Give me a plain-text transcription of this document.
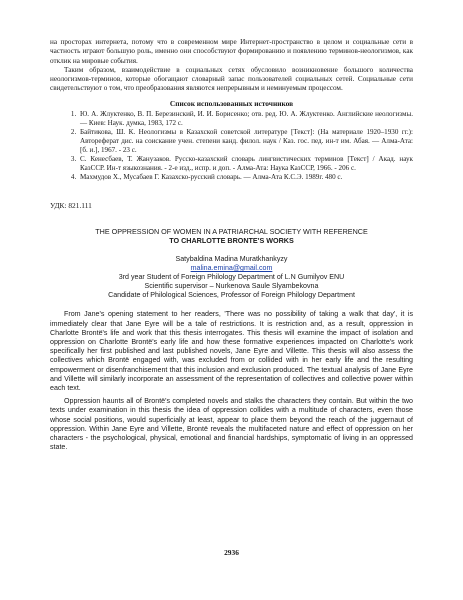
на просторах интернета, потому что в современном мире Интернет-пространство в целом и социальные сети в частность играют большую роль, именно они способствуют формированию и появлению терминов-неологизмов, как отклик на мировые события.

Таким образом, взаимодействие в социальных сетях обусловило возникновение большого количества неологизмов-терминов, которые обогащают словарный запас пользователей социальных сетей. Социальные сети свидетельствуют о том, что преобразования являются непрерывным и неминуемым процессом.

Список использованных источников

1. Ю. А. Жлуктенко, В. П. Березинский, И. И. Борисенко; отв. ред. Ю. А. Жлуктенко. Английские неологизмы. — Киев: Наук. думка, 1983, 172 с.
2. Байтикова, Ш. К. Неологизмы в Казахской советской литературе [Текст]: (На материале 1920–1930 гг.): Автореферат дис. на соискание учен. степени канд. филол. наук / Каз. гос. пед. ин-т им. Абая. — Алма-Ата: [б. и.], 1967. - 23 с.
3. С. Кенесбаев, Т. Жанузаков. Русско-казахский словарь лингвистических терминов [Текст] / Акад. наук КазССР. Ин-т языкознания. - 2-е изд., испр. и доп. - Алма-Ата: Наука КазССР, 1966. - 206 с.
4. Махмудов Х., Мусабаев Г. Казахско-русский словарь. — Алма-Ата К.С.Э. 1989г. 480 с.

УДК: 821.111

THE OPPRESSION OF WOMEN IN A PATRIARCHAL SOCIETY WITH REFERENCE
TO CHARLOTTE BRONTE'S WORKS

Satybaldina Madina Muratkhankyzy
malina.emina@gmail.com
3rd year Student of Foreign Philology Department of L.N Gumilyov ENU
Scientific supervisor – Nurkenova Saule Slyambekovna
Candidate of Philological Sciences, Professor of Foreign Philology Department

From Jane's opening statement to her readers, 'There was no possibility of taking a walk that day', it is immediately clear that Jane Eyre will be a tale of restrictions. It is restriction and, as a result, oppression in Charlotte Brontë's life and work that this thesis interrogates. This thesis will examine the impact of isolation and oppression on Charlotte Brontë's early life and how these formative experiences impacted on Charlotte's work specifically her first published and last published novels, Jane Eyre and Villette. This thesis will also assess the collectives which Brontë engaged with, was excluded from or collided with in her early life and the resulting empowerment or disenfranchisement that this inclusion and exclusion produced. The textual analysis of Jane Eyre and Villette will similarly incorporate an assessment of the representation of collectives and collective power within each text.

Oppression haunts all of Brontë's completed novels and stalks the characters they contain. But within the two texts under examination in this thesis the idea of oppression collides with a multitude of characters, even those whose social positions, would superficially at least, appear to place them beyond the reach of the juggernaut of oppression. Within Jane Eyre and Villette, Brontë reveals the multifaceted nature and effect of oppression on her characters - the psychological, physical, emotional and financial hardships, symptomatic of living in an oppressed state.

2936
